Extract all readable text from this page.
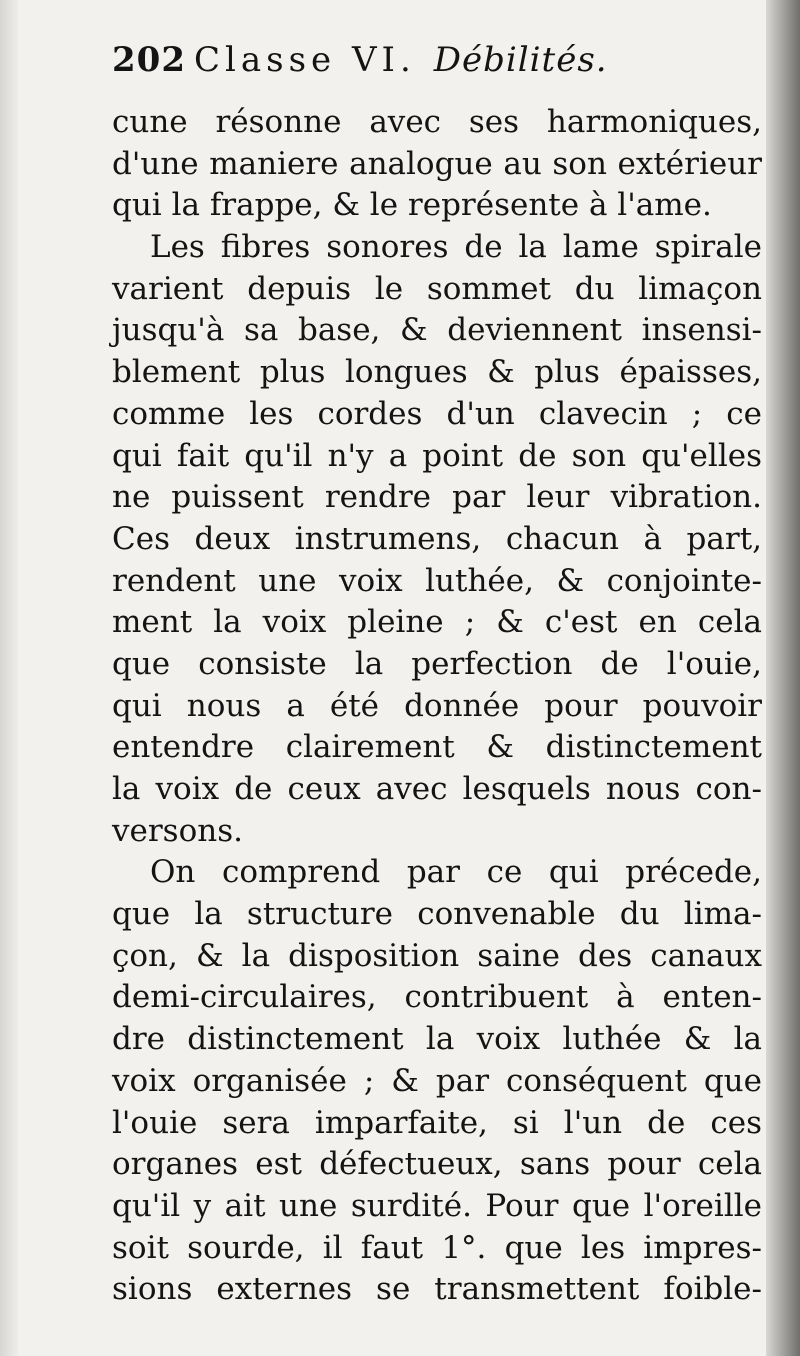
202 Classe VI. Débilités.
cune résonne avec ses harmoniques,
d'une maniere analogue au son extérieur
qui la frappe, & le représente à l'ame.
Les fibres sonores de la lame spirale
varient depuis le sommet du limaçon
jusqu'à sa base, & deviennent insensi-
blement plus longues & plus épaisses,
comme les cordes d'un clavecin ; ce
qui fait qu'il n'y a point de son qu'elles
ne puissent rendre par leur vibration.
Ces deux instrumens, chacun à part,
rendent une voix luthée, & conjointe-
ment la voix pleine ; & c'est en cela
que consiste la perfection de l'ouie,
qui nous a été donnée pour pouvoir
entendre clairement & distinctement
la voix de ceux avec lesquels nous con-
versons.
On comprend par ce qui précede,
que la structure convenable du lima-
çon, & la disposition saine des canaux
demi-circulaires, contribuent à enten-
dre distinctement la voix luthée & la
voix organisée ; & par conséquent que
l'ouie sera imparfaite, si l'un de ces
organes est défectueux, sans pour cela
qu'il y ait une surdité. Pour que l'oreille
soit sourde, il faut 1°. que les impres-
sions externes se transmettent foible-
